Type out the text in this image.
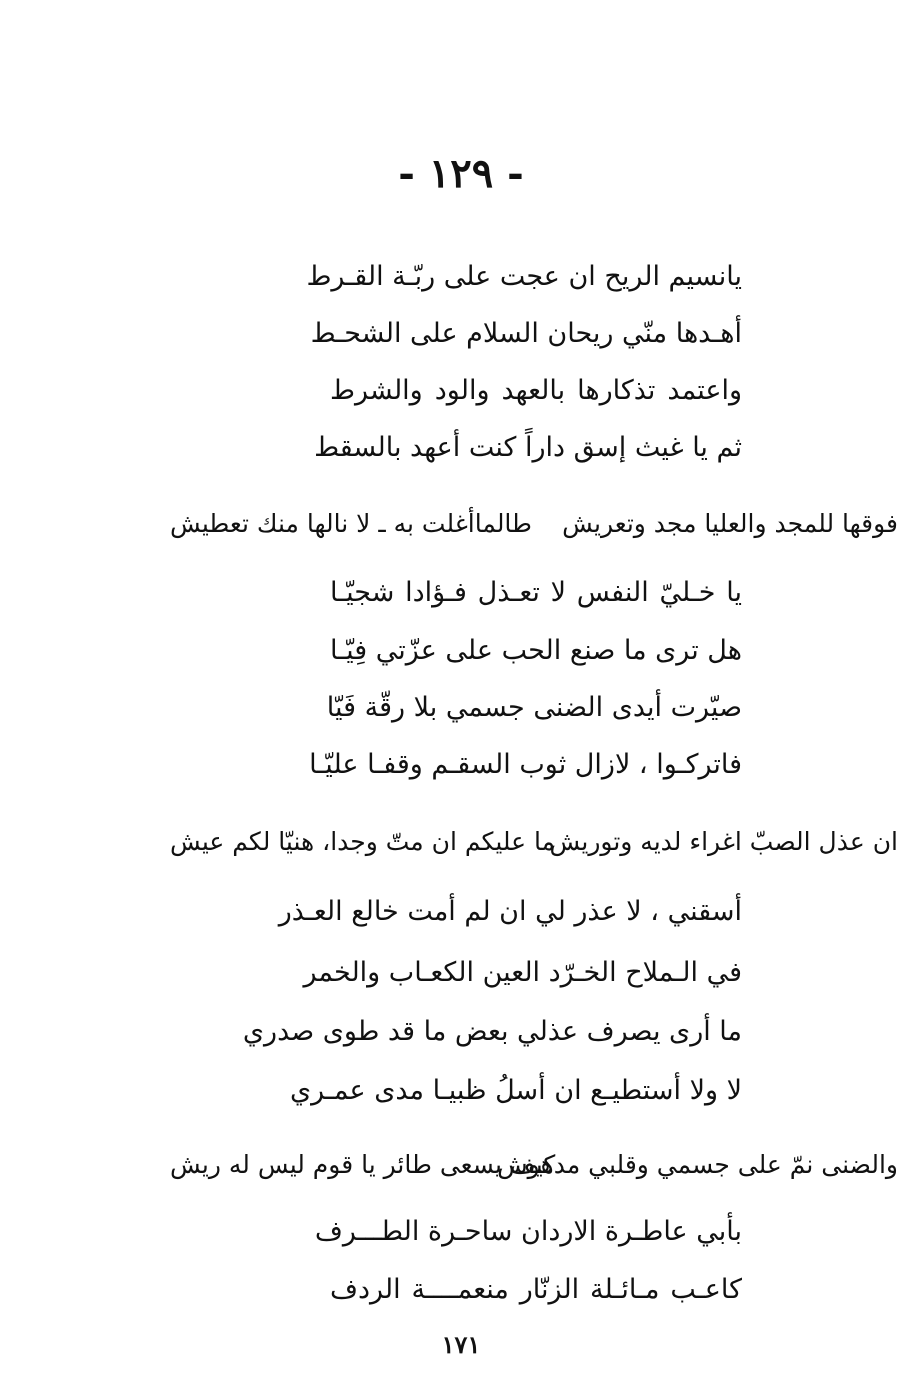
- ١٢٩ -
يانسيم الريح ان عجت على ربّـة القـرط
أهـدها منّي ريحان السلام على الشحـط
واعتمد تذكارها بالعهد والود والشرط
ثم يا غيث إسق داراً كنت أعهد بالسقط
فوقها للمجد والعليا مجد وتعريش
طالماأغلت به ـ لا نالها منك تعطيش
يا خـليّ النفس لا تعـذل فـؤادا شجيّـا
هل ترى ما صنع الحب على عزّتي فِيّـا
صيّرت أيدى الضنى جسمي بلا رقّة فَيّا
فاتركـوا ، لازال ثوب السقـم وقفـا عليّـا
ان عذل الصبّ اغراء لديه وتوريش
ما عليكم ان متّ وجدا، هنيّا لكم عيش
أسقني ، لا عذر لي ان لم أمت خالع العـذر
في الـملاح الخـرّد العين الكعـاب والخمر
ما أرى يصرف عذلي بعض ما قد طوى صدري
لا ولا أستطيـع ان أسلُ ظبيـا مدى عمـري
والضنى نمّ على جسمي وقلبي مدهوش
كيف يسعى طائر يا قوم ليس له ريش
بأبي عاطـرة الاردان ساحـرة الطـــرف
كاعـب مـائـلة الزنّار منعمــــة الردف
١٧١
